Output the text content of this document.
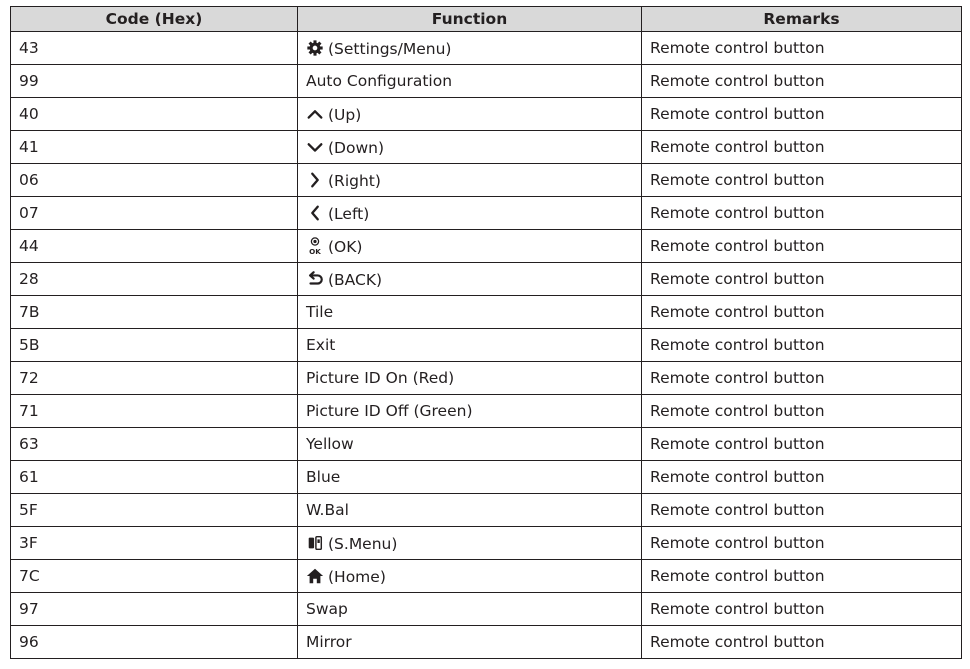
Code (Hex)	Function	Remarks
43	(Settings/Menu)	Remote control button
99	Auto Configuration	Remote control button
40	(Up)	Remote control button
41	(Down)	Remote control button
06	(Right)	Remote control button
07	(Left)	Remote control button
44	OK (OK)	Remote control button
28	(BACK)	Remote control button
7B	Tile	Remote control button
5B	Exit	Remote control button
72	Picture ID On (Red)	Remote control button
71	Picture ID Off (Green)	Remote control button
63	Yellow	Remote control button
61	Blue	Remote control button
5F	W.Bal	Remote control button
3F	(S.Menu)	Remote control button
7C	(Home)	Remote control button
97	Swap	Remote control button
96	Mirror	Remote control button
